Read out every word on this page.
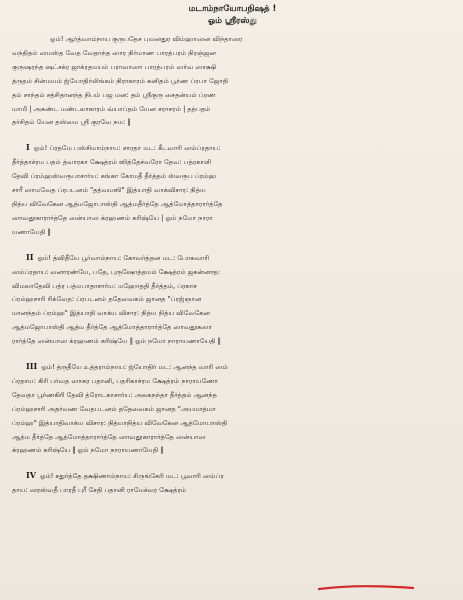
மடாம்நாயோபநிஷத் !

ஓம் ஸ்ரீரஸ்து

ஓம்! ஆர்த்வாம்நாய குருபதேச புவனதுர விம்ஹாஸன விந்தாஸர
வந்திதம் ஸமஸ்த வேத வேதாந்த ஸார நிர்மாண பாரத்பரம் நிரஞ்ஜன
குருஷரந்த ஷட்சக்ர ஜாக்ரதமயம் பராவாஸா பாரத்பரம் ஸர்வ ஸாக்ஷி
த்ருதம் சின்மயம் ஜ்யோதிர்லிங்கம் நிராகாரம் கனிதம் பூர்ண ப்ரபா ஜோதி
தம் சாந்தம் சத்சிதானந்த நிபம் பஜ மன: தம் ஸ்ரீகுரு சைதன்யம் ப்ரண
மாமி | அகண்ட மண்டலாகாரம் வ்யாப்தம் யேன சராசரம் | தத்பதம்
தர்சிதம் யேன தஸ்மை ஸ்ரீ குரவே நம: ‖
I ஓம்! ப்ரதமே பஸ்சிமாம்நாய: சாரதா மட: கீடவாரி ஸம்ப்ரதாய:
தீர்த்தாச்ரம பதம் த்வாரகா க்ஷேத்ரம் ஸித்தேச்வரோ தேவ: பத்ரகாளி
தேவி ப்ரம்ஹஸ்வரூபாசார்ய: கங்கா கோமதீ தீர்த்தம் ஸ்வரூப ப்ரம்ஹ
சாரீ ஸாமவேத ப்ரபடனம் "தத்வமஸி" இத்யாதி வாக்விசார: நித்ய
நித்ய விவேகேன ஆத்மஜோபாஸ்தி ஆத்மதீர்த்தே ஆத்மோத்தாரார்த்தே
ஸாவதூகாரார்த்தே ஸன்யாஸ க்ரஹணம் கரிஷ்யே | ஓம் நமோ நாரா
யணாயேதி ‖
II ஓம்! த்விதீயே பூர்வாம்நாய: கோவர்த்தன மட: போகவாரி
ஸம்ப்ரதாய: வனாரண்யே, பதே, புருஷோத்தமம் க்ஷேத்ரம் ஜகன்னாத:
விமலாதேவி பத்ர பத்மபாதாசார்ய: மஹோததி தீர்த்தம், ப்ரகாச
ப்ரம்ஹசாரி ரிக்வேத: ப்ரபடனம் ததேவைகம் ஜானத "ப்ரஜ்ஞான
மானந்தம் ப்ரம்ஹ" இத்யாதி வாக்ய விசார: நித்ய நித்ய விவேகேன
ஆத்மஜோபாஸ்தி ஆத்ம தீர்த்தே ஆத்மோத்தாரார்த்தே ஸாவதூகஸா
ரார்த்தே ஸன்யாஸ க்ரஹணம் கரிஷ்யே ‖ ஓம் நமோ நாராயணாயேதி ‖
III ஓம்! த்ருதீயே உத்தராம்நாய: ஜ்யோதிர் மட: ஆனந்த வாரி ஸம்
ப்ரதாய: கிரி பர்வத ஸாகர பதானி, பதரிகாச்ரம க்ஷேத்ரம் நாராயணோ
தேவதா பூர்ணகிரி தேவி த்ரோடகாசார்ய: அலகநந்தா தீர்த்தம் ஆனந்த
ப்ரம்ஹசாரி அதர்வண வேதபடனம் ததேவைகம் ஜானத "அயமாத்மா
ப்ரம்ஹ" இத்யாதிவாக்ய விசார: நித்யாநித்ய விவேகேன ஆத்மோபாஸ்தி
ஆத்ம தீர்த்தே ஆத்மோத்தாரார்த்தே ஸாவதூகாரார்த்தே ஸன்யாஸ
க்ரஹணம் கரிஷ்யே ‖ ஓம் நமோ நாராயணாயேதி ‖
IV ஓம்! சதுர்த்தே தக்ஷிணாம்நாய: சிருங்கேரி மட: பூவாரி ஸம்ப்ர
தாய: ஸரஸ்வதீ பாரதீ புரீ சேதி பதானி ராமேச்வர க்ஷேத்ரம்
